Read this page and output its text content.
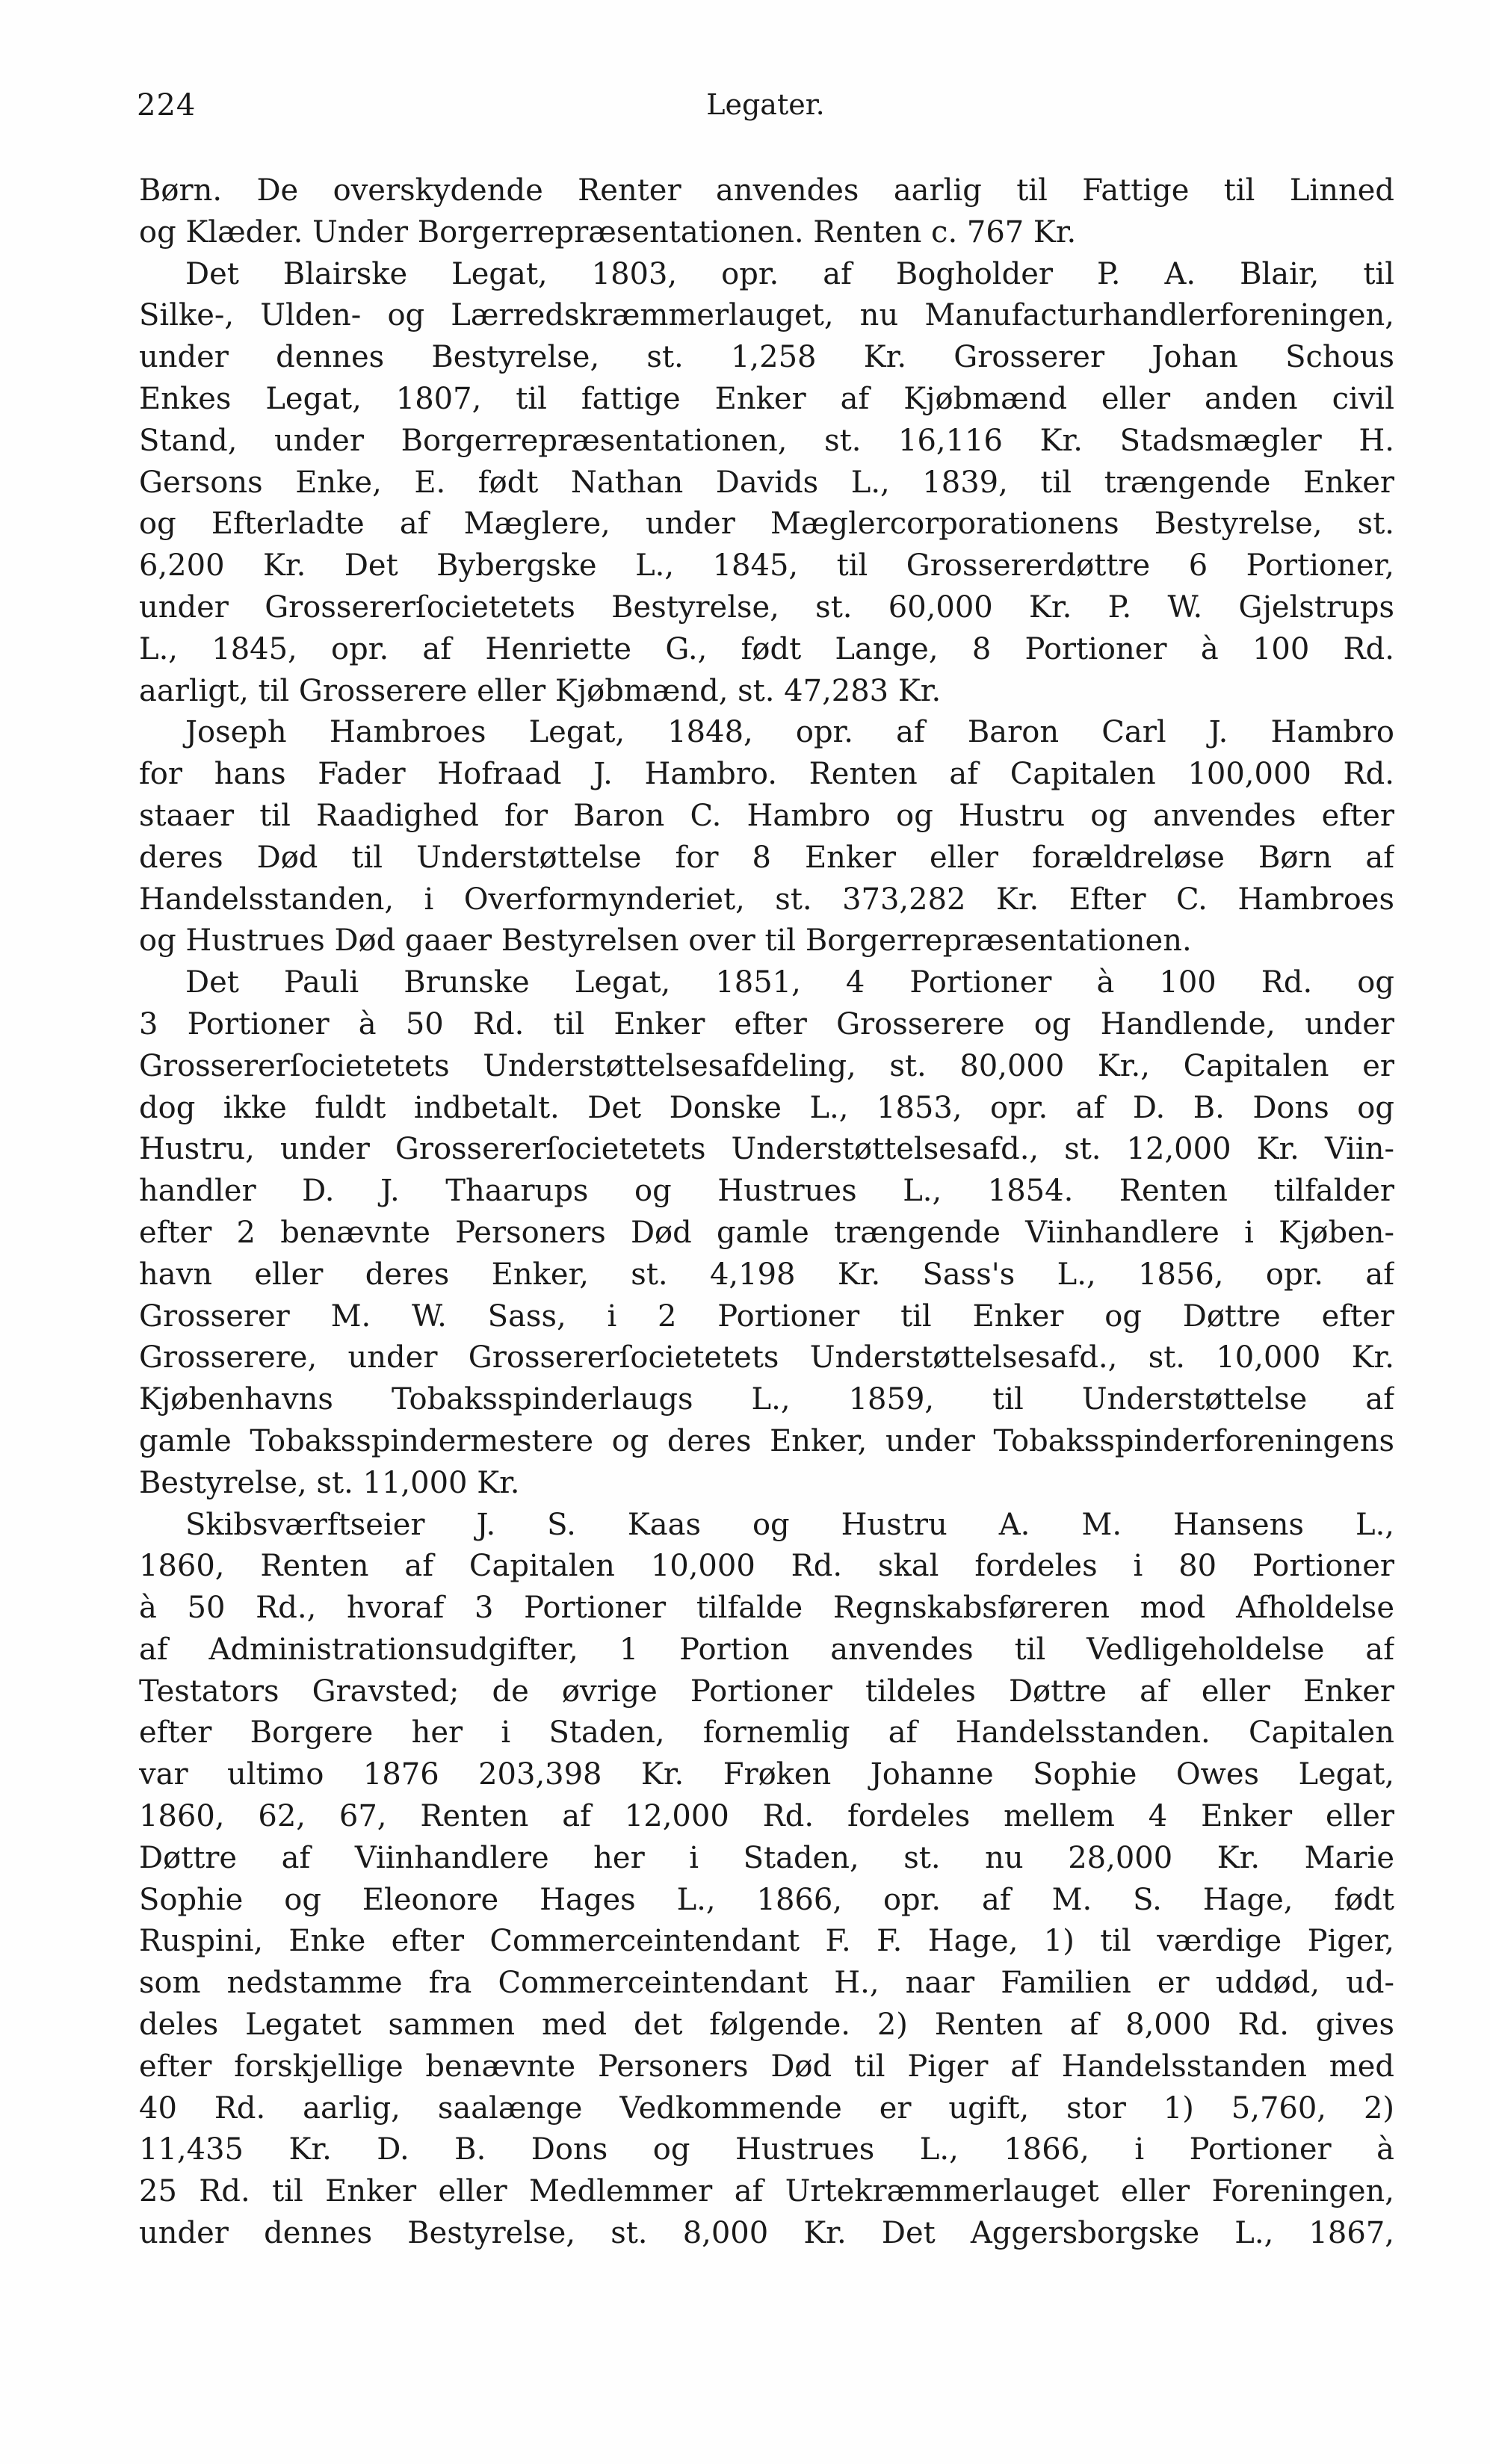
224	Legater.
Børn. De overskydende Renter anvendes aarlig til Fattige til Linned
og Klæder. Under Borgerrepræsentationen. Renten c. 767 Kr.
Det Blairske Legat, 1803, opr. af Bogholder P. A. Blair, til
Silke-, Ulden- og Lærredskræmmerlauget, nu Manufacturhandlerforeningen,
under dennes Bestyrelse, st. 1,258 Kr. Grosserer Johan Schous
Enkes Legat, 1807, til fattige Enker af Kjøbmænd eller anden civil
Stand, under Borgerrepræsentationen, st. 16,116 Kr. Stadsmægler H.
Gersons Enke, E. født Nathan Davids L., 1839, til trængende Enker
og Efterladte af Mæglere, under Mæglercorporationens Bestyrelse, st.
6,200 Kr. Det Bybergske L., 1845, til Grossererdøttre 6 Portioner,
under Grossererſocietetets Bestyrelse, st. 60,000 Kr. P. W. Gjelstrups
L., 1845, opr. af Henriette G., født Lange, 8 Portioner à 100 Rd.
aarligt, til Grosserere eller Kjøbmænd, st. 47,283 Kr.
Joseph Hambroes Legat, 1848, opr. af Baron Carl J. Hambro
for hans Fader Hofraad J. Hambro. Renten af Capitalen 100,000 Rd.
staaer til Raadighed for Baron C. Hambro og Hustru og anvendes efter
deres Død til Understøttelse for 8 Enker eller forældreløse Børn af
Handelsstanden, i Overformynderiet, st. 373,282 Kr. Efter C. Hambroes
og Hustrues Død gaaer Bestyrelsen over til Borgerrepræsentationen.
Det Pauli Brunske Legat, 1851, 4 Portioner à 100 Rd. og
3 Portioner à 50 Rd. til Enker efter Grosserere og Handlende, under
Grossererſocietetets Understøttelsesafdeling, st. 80,000 Kr., Capitalen er
dog ikke fuldt indbetalt. Det Donske L., 1853, opr. af D. B. Dons og
Hustru, under Grossererſocietetets Understøttelsesafd., st. 12,000 Kr. Viin-
handler D. J. Thaarups og Hustrues L., 1854. Renten tilfalder
efter 2 benævnte Personers Død gamle trængende Viinhandlere i Kjøben-
havn eller deres Enker, st. 4,198 Kr. Sass's L., 1856, opr. af
Grosserer M. W. Sass, i 2 Portioner til Enker og Døttre efter
Grosserere, under Grossererſocietetets Understøttelsesafd., st. 10,000 Kr.
Kjøbenhavns Tobaksspinderlaugs L., 1859, til Understøttelse af
gamle Tobaksspindermestere og deres Enker, under Tobaksspinderforeningens
Bestyrelse, st. 11,000 Kr.
Skibsværftseier J. S. Kaas og Hustru A. M. Hansens L.,
1860, Renten af Capitalen 10,000 Rd. skal fordeles i 80 Portioner
à 50 Rd., hvoraf 3 Portioner tilfalde Regnskabsføreren mod Afholdelse
af Administrationsudgifter, 1 Portion anvendes til Vedligeholdelse af
Testators Gravsted; de øvrige Portioner tildeles Døttre af eller Enker
efter Borgere her i Staden, fornemlig af Handelsstanden. Capitalen
var ultimo 1876 203,398 Kr. Frøken Johanne Sophie Owes Legat,
1860, 62, 67, Renten af 12,000 Rd. fordeles mellem 4 Enker eller
Døttre af Viinhandlere her i Staden, st. nu 28,000 Kr. Marie
Sophie og Eleonore Hages L., 1866, opr. af M. S. Hage, født
Ruspini, Enke efter Commerceintendant F. F. Hage, 1) til værdige Piger,
som nedstamme fra Commerceintendant H., naar Familien er uddød, ud-
deles Legatet sammen med det følgende. 2) Renten af 8,000 Rd. gives
efter forskjellige benævnte Personers Død til Piger af Handelsstanden med
40 Rd. aarlig, saalænge Vedkommende er ugift, stor 1) 5,760, 2)
11,435 Kr. D. B. Dons og Hustrues L., 1866, i Portioner à
25 Rd. til Enker eller Medlemmer af Urtekræmmerlauget eller Foreningen,
under dennes Bestyrelse, st. 8,000 Kr. Det Aggersborgske L., 1867,
